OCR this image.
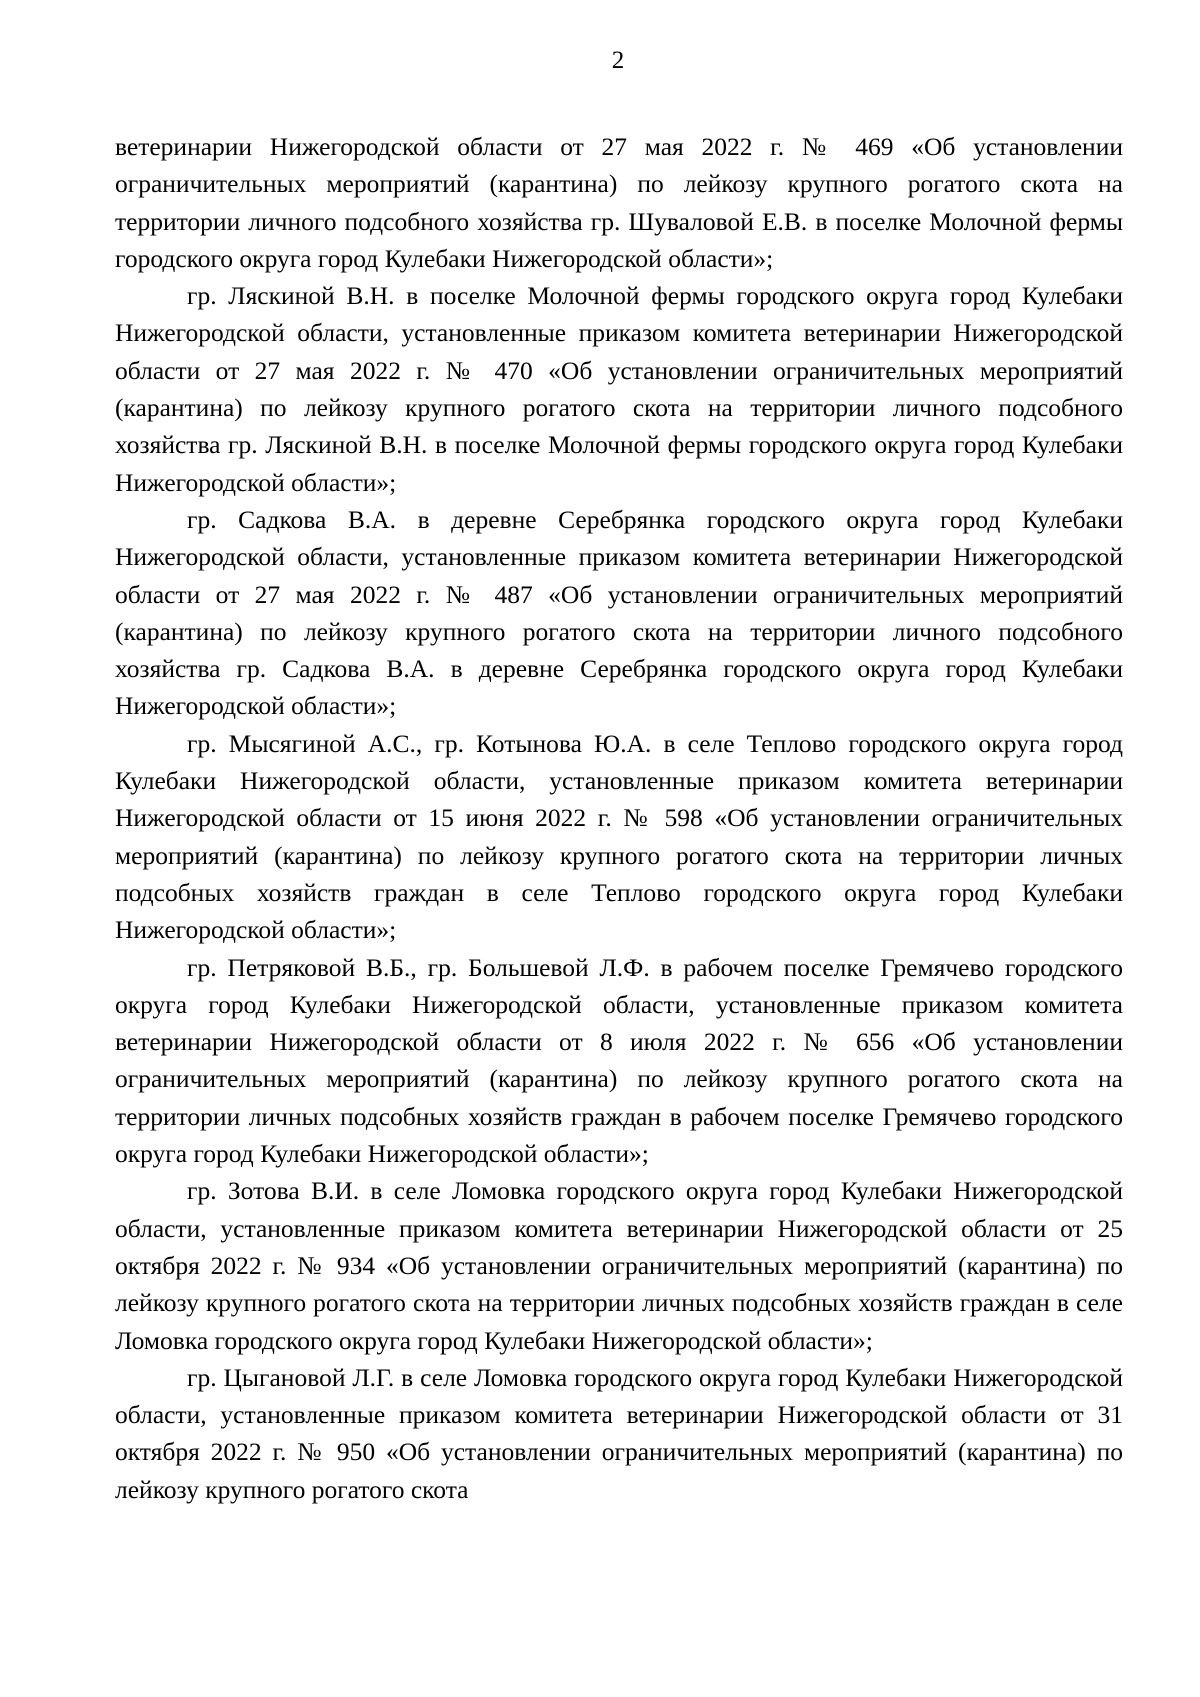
2

ветеринарии Нижегородской области от 27 мая 2022 г. № 469 «Об установлении ограничительных мероприятий (карантина) по лейкозу крупного рогатого скота на территории личного подсобного хозяйства гр. Шуваловой Е.В. в поселке Молочной фермы городского округа город Кулебаки Нижегородской области»;

гр. Ляскиной В.Н. в поселке Молочной фермы городского округа город Кулебаки Нижегородской области, установленные приказом комитета ветеринарии Нижегородской области от 27 мая 2022 г. № 470 «Об установлении ограничительных мероприятий (карантина) по лейкозу крупного рогатого скота на территории личного подсобного хозяйства гр. Ляскиной В.Н. в поселке Молочной фермы городского округа город Кулебаки Нижегородской области»;

гр. Садкова В.А. в деревне Серебрянка городского округа город Кулебаки Нижегородской области, установленные приказом комитета ветеринарии Нижегородской области от 27 мая 2022 г. № 487 «Об установлении ограничительных мероприятий (карантина) по лейкозу крупного рогатого скота на территории личного подсобного хозяйства гр. Садкова В.А. в деревне Серебрянка городского округа город Кулебаки Нижегородской области»;

гр. Мысягиной А.С., гр. Котынова Ю.А. в селе Теплово городского округа город Кулебаки Нижегородской области, установленные приказом комитета ветеринарии Нижегородской области от 15 июня 2022 г. № 598 «Об установлении ограничительных мероприятий (карантина) по лейкозу крупного рогатого скота на территории личных подсобных хозяйств граждан в селе Теплово городского округа город Кулебаки Нижегородской области»;

гр. Петряковой В.Б., гр. Большевой Л.Ф. в рабочем поселке Гремячево городского округа город Кулебаки Нижегородской области, установленные приказом комитета ветеринарии Нижегородской области от 8 июля 2022 г. № 656 «Об установлении ограничительных мероприятий (карантина) по лейкозу крупного рогатого скота на территории личных подсобных хозяйств граждан в рабочем поселке Гремячево городского округа город Кулебаки Нижегородской области»;

гр. Зотова В.И. в селе Ломовка городского округа город Кулебаки Нижегородской области, установленные приказом комитета ветеринарии Нижегородской области от 25 октября 2022 г. № 934 «Об установлении ограничительных мероприятий (карантина) по лейкозу крупного рогатого скота на территории личных подсобных хозяйств граждан в селе Ломовка городского округа город Кулебаки Нижегородской области»;

гр. Цыгановой Л.Г. в селе Ломовка городского округа город Кулебаки Нижегородской области, установленные приказом комитета ветеринарии Нижегородской области от 31 октября 2022 г. № 950 «Об установлении ограничительных мероприятий (карантина) по лейкозу крупного рогатого скота
